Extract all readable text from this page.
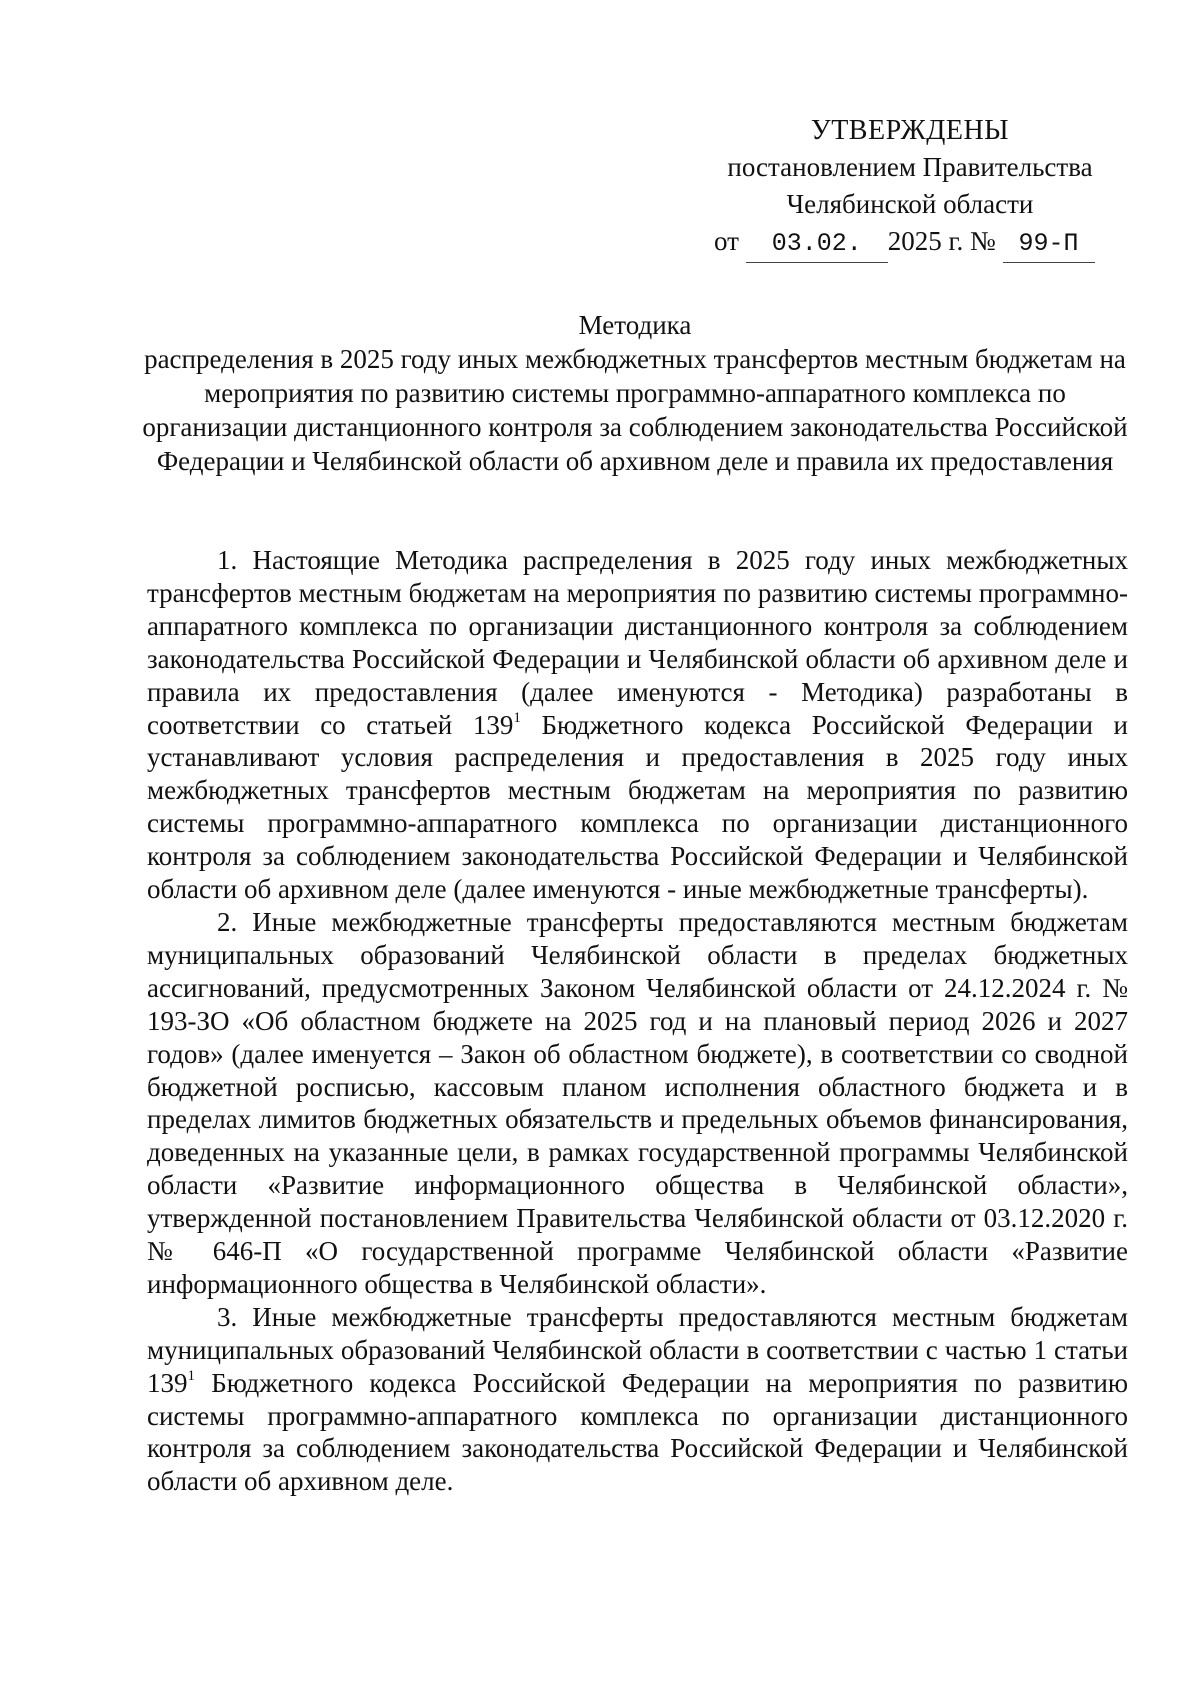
УТВЕРЖДЕНЫ
постановлением Правительства
Челябинской области
от 03.02. 2025 г. № 99-П
Методика
распределения в 2025 году иных межбюджетных трансфертов местным бюджетам на мероприятия по развитию системы программно-аппаратного комплекса по организации дистанционного контроля за соблюдением законодательства Российской Федерации и Челябинской области об архивном деле и правила их предоставления

1. Настоящие Методика распределения в 2025 году иных межбюджетных трансфертов местным бюджетам на мероприятия по развитию системы программно-аппаратного комплекса по организации дистанционного контроля за соблюдением законодательства Российской Федерации и Челябинской области об архивном деле и правила их предоставления (далее именуются - Методика) разработаны в соответствии со статьей $139^1$ Бюджетного кодекса Российской Федерации и устанавливают условия распределения и предоставления в 2025 году иных межбюджетных трансфертов местным бюджетам на мероприятия по развитию системы программно-аппаратного комплекса по организации дистанционного контроля за соблюдением законодательства Российской Федерации и Челябинской области об архивном деле (далее именуются - иные межбюджетные трансферты).

2. Иные межбюджетные трансферты предоставляются местным бюджетам муниципальных образований Челябинской области в пределах бюджетных ассигнований, предусмотренных Законом Челябинской области от 24.12.2024 г. № 193-ЗО «Об областном бюджете на 2025 год и на плановый период 2026 и 2027 годов» (далее именуется – Закон об областном бюджете), в соответствии со сводной бюджетной росписью, кассовым планом исполнения областного бюджета и в пределах лимитов бюджетных обязательств и предельных объемов финансирования, доведенных на указанные цели, в рамках государственной программы Челябинской области «Развитие информационного общества в Челябинской области», утвержденной постановлением Правительства Челябинской области от 03.12.2020 г. № 646-П «О государственной программе Челябинской области «Развитие информационного общества в Челябинской области».

3. Иные межбюджетные трансферты предоставляются местным бюджетам муниципальных образований Челябинской области в соответствии с частью 1 статьи $139^1$ Бюджетного кодекса Российской Федерации на мероприятия по развитию системы программно-аппаратного комплекса по организации дистанционного контроля за соблюдением законодательства Российской Федерации и Челябинской области об архивном деле.
